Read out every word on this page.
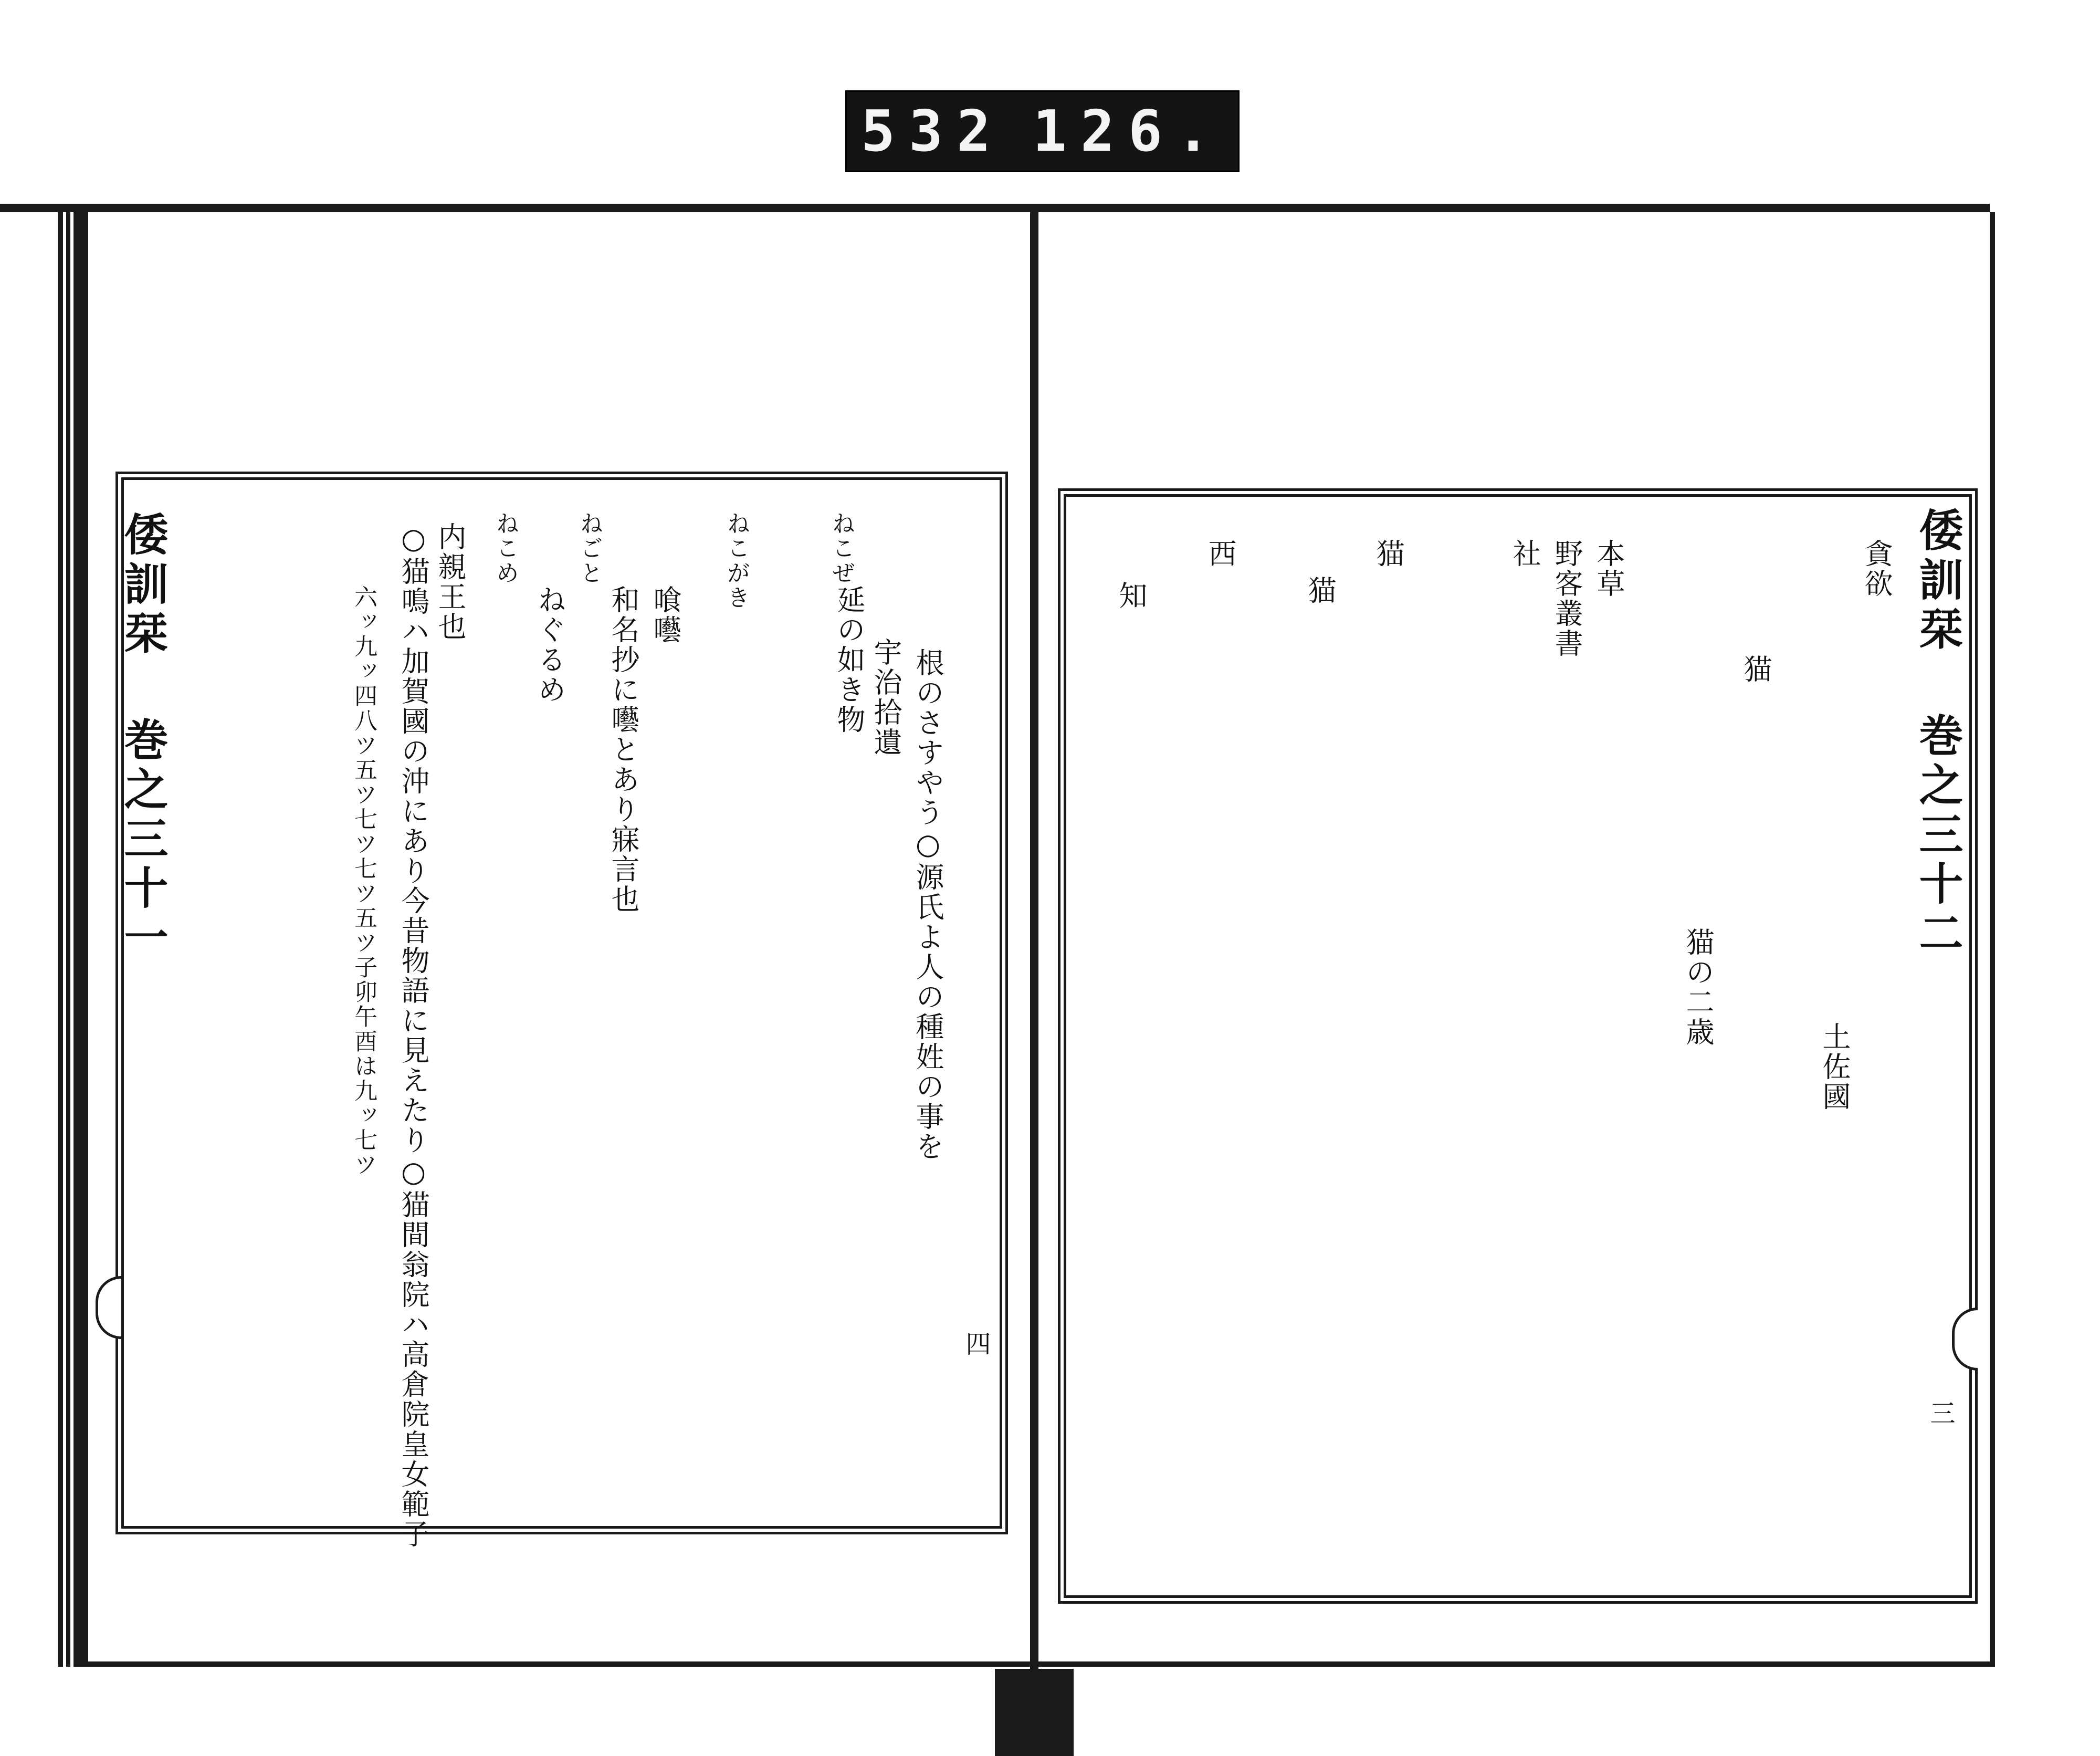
532 126.
倭訓栞 巻之三十一	六ッ九ッ四八ツ五ツ七ツ七ツ五ツ子卯午酉は九ッ七ツ ○猫鳴ハ加賀國の沖にあり今昔物語に見えたり○猫間翁院ハ高倉院皇女範子 内親王也 ねこめ
ねぐるめ
ねごと
和名抄に囈とあり寐言也 喰囈
ねこがき	ねこぜ
宇治拾遺 根のさすやう○源氏よ人の種姓の事を
延の如き物
四
倭訓栞 巻之三十二
貪欲
土佐國
猫
猫の二歳
本草
野客叢書
社
猫
猫
西
知
三
